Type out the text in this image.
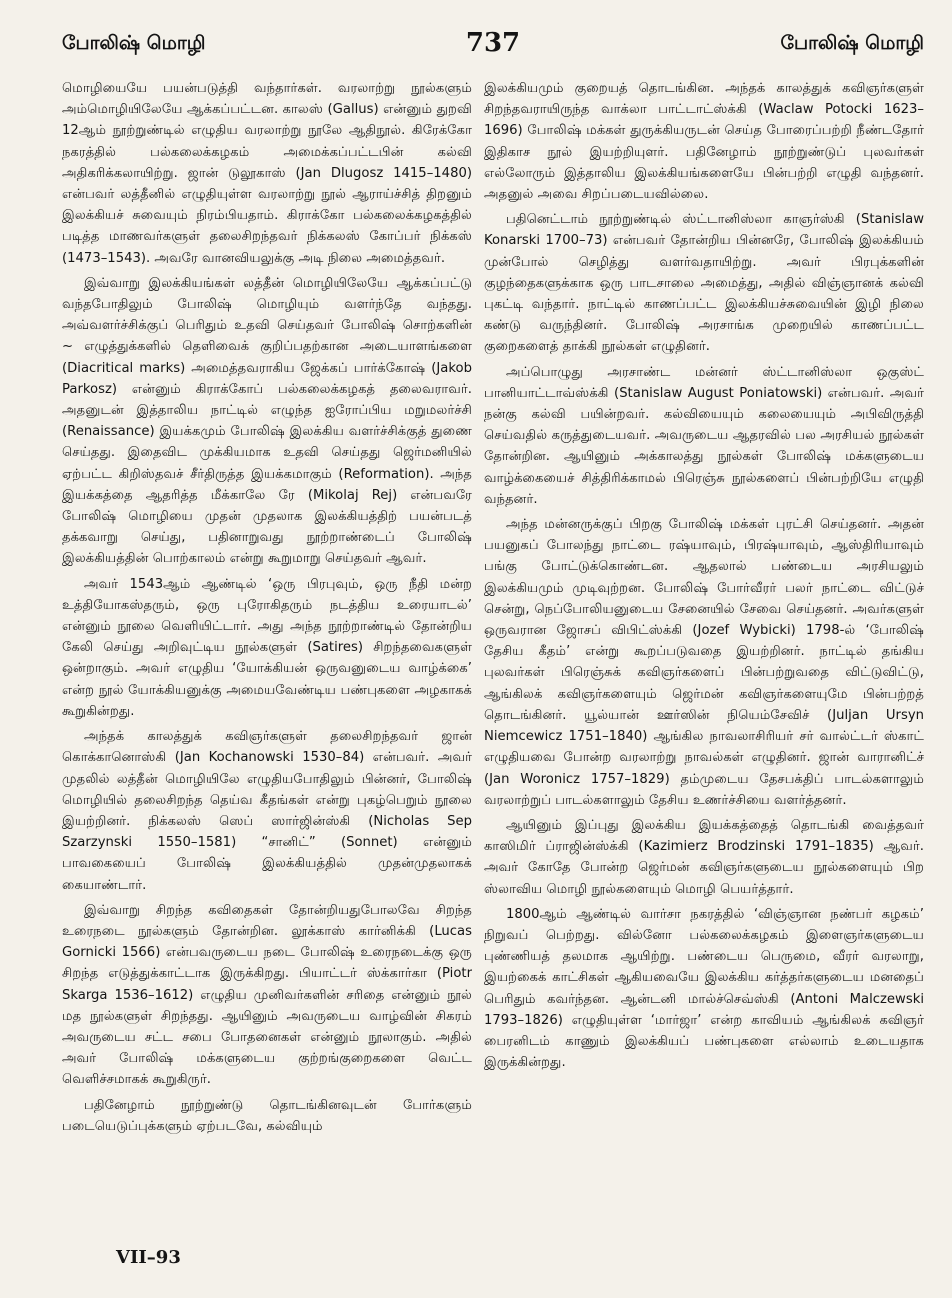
போலிஷ் மொழி	737	போலிஷ் மொழி

மொழியையே பயன்படுத்தி வந்தார்கள். வரலாற்று நூல்களும் அம்மொழியிலேயே ஆக்கப்பட்டன. காலஸ் (Gallus) என்னும் துறவி 12ஆம் நூற்றுண்டில் எழுதிய வரலாற்று நூலே ஆதிநூல். கிரேக்கோ நகரத்தில் பல்கலைக்கழகம் அமைக்கப்பட்டபின் கல்வி அதிகரிக்கலாயிற்று. ஜான் டுலூகாஸ் (Jan Dlugosz 1415–1480) என்பவர் லத்தீனில் எழுதியுள்ள வரலாற்று நூல் ஆராய்ச்சித் திறனும் இலக்கியச் சுவையும் நிரம்பியதாம். கிராக்கோ பல்கலைக்கழகத்தில் படித்த மாணவர்களுள் தலைசிறந்தவர் நிக்கலஸ் கோப்பர் நிக்கஸ் (1473–1543). அவரே வானவியலுக்கு அடி நிலை அமைத்தவர்.

இவ்வாறு இலக்கியங்கள் லத்தீன் மொழியிலேயே ஆக்கப்பட்டு வந்தபோதிலும் போலிஷ் மொழியும் வளர்ந்தே வந்தது. அவ்வளர்ச்சிக்குப் பெரிதும் உதவி செய்தவர் போலிஷ் சொற்களின் ~ எழுத்துக்களில் தெளிவைக் குறிப்பதற்கான அடையாளங்களை (Diacritical marks) அமைத்தவராகிய ஜேக்கப் பார்க்கோஷ் (Jakob Parkosz) என்னும் கிராக்கோப் பல்கலைக்கழகத் தலைவராவர். அதனுடன் இத்தாலிய நாட்டில் எழுந்த ஐரோப்பிய மறுமலர்ச்சி (Renaissance) இயக்கமும் போலிஷ் இலக்கிய வளர்ச்சிக்குத் துணை செய்தது. இதைவிட முக்கியமாக உதவி செய்தது ஜெர்மனியில் ஏற்பட்ட கிறிஸ்தவச் சீர்திருத்த இயக்கமாகும் (Reformation). அந்த இயக்கத்தை ஆதரித்த மீக்காலே ரே (Mikolaj Rej) என்பவரே போலிஷ் மொழியை முதன் முதலாக இலக்கியத்திற் பயன்படத் தக்கவாறு செய்து, பதினாறுவது நூற்றாண்டைப் போலிஷ் இலக்கியத்தின் பொற்காலம் என்று கூறுமாறு செய்தவர் ஆவர்.

அவர் 1543ஆம் ஆண்டில் ‘ஒரு பிரபுவும், ஒரு நீதி மன்ற உத்தியோகஸ்தரும், ஒரு புரோகிதரும் நடத்திய உரையாடல்’ என்னும் நூலை வெளியிட்டார். அது அந்த நூற்றாண்டில் தோன்றிய கேலி செய்து அறிவுட்டிய நூல்களுள் (Satires) சிறந்தவைகளுள் ஒன்றாகும். அவர் எழுதிய ‘யோக்கியன் ஒருவனுடைய வாழ்க்கை’ என்ற நூல் யோக்கியனுக்கு அமையவேண்டிய பண்புகளை அழகாகக் கூறுகின்றது.

அந்தக் காலத்துக் கவிஞர்களுள் தலைசிறந்தவர் ஜான் கொக்கானொஸ்கி (Jan Kochanowski 1530–84) என்பவர். அவர் முதலில் லத்தீன் மொழியிலே எழுதியபோதிலும் பின்னர், போலிஷ் மொழியில் தலைசிறந்த தெய்வ கீதங்கள் என்று புகழ்பெறும் நூலை இயற்றினர். நிக்கலஸ் ஸெப் ஸார்ஜின்ஸ்கி (Nicholas Sep Szarzynski 1550–1581) “சானிட்” (Sonnet) என்னும் பாவகையைப் போலிஷ் இலக்கியத்தில் முதன்முதலாகக் கையாண்டார்.

இவ்வாறு சிறந்த கவிதைகள் தோன்றியதுபோலவே சிறந்த உரைநடை நூல்களும் தோன்றின. லூக்காஸ் கார்னிக்கி (Lucas Gornicki 1566) என்பவருடைய நடை போலிஷ் உரைநடைக்கு ஒரு சிறந்த எடுத்துக்காட்டாக இருக்கிறது. பியாட்டர் ஸ்க்கார்கா (Piotr Skarga 1536–1612) எழுதிய முனிவர்களின் சரிதை என்னும் நூல் மத நூல்களுள் சிறந்தது. ஆயினும் அவருடைய வாழ்வின் சிகரம் அவருடைய சட்ட சபை போதனைகள் என்னும் நூலாகும். அதில் அவர் போலிஷ் மக்களுடைய குற்றங்குறைகளை வெட்ட வெளிச்சமாகக் கூறுகிருர்.

பதினேழாம் நூற்றுண்டு தொடங்கினவுடன் போர்களும் படையெடுப்புக்களும் ஏற்படவே, கல்வியும்

இலக்கியமும் குறையத் தொடங்கின. அந்தக் காலத்துக் கவிஞர்களுள் சிறந்தவராயிருந்த வாக்லா பாட்டாட்ஸ்க்கி (Waclaw Potocki 1623–1696) போலிஷ் மக்கள் துருக்கியருடன் செய்த போரைப்பற்றி நீண்டதோர் இதிகாச நூல் இயற்றியுளர். பதினேழாம் நூற்றுண்டுப் புலவர்கள் எல்லோரும் இத்தாலிய இலக்கியங்களையே பின்பற்றி எழுதி வந்தனர். அதனுல் அவை சிறப்படையவில்லை.

பதினெட்டாம் நூற்றுண்டில் ஸ்ட்டானிஸ்லா காஞர்ஸ்கி (Stanislaw Konarski 1700–73) என்பவர் தோன்றிய பின்னரே, போலிஷ் இலக்கியம் முன்போல் செழித்து வளர்வதாயிற்று. அவர் பிரபுக்களின் குழந்தைகளுக்காக ஒரு பாடசாலை அமைத்து, அதில் விஞ்ஞானக் கல்வி புகட்டி வந்தார். நாட்டில் காணப்பட்ட இலக்கியச்சுவையின் இழி நிலை கண்டு வருந்தினர். போலிஷ் அரசாங்க முறையில் காணப்பட்ட குறைகளைத் தாக்கி நூல்கள் எழுதினர்.

அப்பொழுது அரசாண்ட மன்னர் ஸ்ட்டானிஸ்லா ஒகுஸ்ட் பானியாட்டாவ்ஸ்க்கி (Stanislaw August Poniatowski) என்பவர். அவர் நன்கு கல்வி பயின்றவர். கல்வியையும் கலையையும் அபிவிருத்தி செய்வதில் கருத்துடையவர். அவருடைய ஆதரவில் பல அரசியல் நூல்கள் தோன்றின. ஆயினும் அக்காலத்து நூல்கள் போலிஷ் மக்களுடைய வாழ்க்கையைச் சித்திரிக்காமல் பிரெஞ்சு நூல்களைப் பின்பற்றியே எழுதி வந்தனர்.

அந்த மன்னருக்குப் பிறகு போலிஷ் மக்கள் புரட்சி செய்தனர். அதன் பயனுகப் போலந்து நாட்டை ரஷ்யாவும், பிரஷ்யாவும், ஆஸ்திரியாவும் பங்கு போட்டுக்கொண்டன. ஆதலால் பண்டைய அரசியலும் இலக்கியமும் முடிவுற்றன. போலிஷ் போர்வீரர் பலர் நாட்டை விட்டுச் சென்று, நெப்போலியனுடைய சேனையில் சேவை செய்தனர். அவர்களுள் ஒருவரான ஜோசப் விபிட்ஸ்க்கி (Jozef Wybicki) 1798-ல் ‘போலிஷ் தேசிய கீதம்’ என்று கூறப்படுவதை இயற்றினர். நாட்டில் தங்கிய புலவர்கள் பிரெஞ்சுக் கவிஞர்களைப் பின்பற்றுவதை விட்டுவிட்டு, ஆங்கிலக் கவிஞர்களையும் ஜெர்மன் கவிஞர்களையுமே பின்பற்றத் தொடங்கினர். யூல்யான் ஊர்ஸின் நியெம்சேவிச் (Juljan Ursyn Niemcewicz 1751–1840) ஆங்கில நாவலாசிரியர் சர் வால்ட்டர் ஸ்காட் எழுதியவை போன்ற வரலாற்று நாவல்கள் எழுதினர். ஜான் வாரானிட்ச் (Jan Woronicz 1757–1829) தம்முடைய தேசபக்திப் பாடல்களாலும் வரலாற்றுப் பாடல்களாலும் தேசிய உணர்ச்சியை வளர்த்தனர்.

ஆயினும் இப்புது இலக்கிய இயக்கத்தைத் தொடங்கி வைத்தவர் காஸிமிர் ப்ராஜின்ஸ்க்கி (Kazimierz Brodzinski 1791–1835) ஆவர். அவர் கோதே போன்ற ஜெர்மன் கவிஞர்களுடைய நூல்களையும் பிற ஸ்லாவிய மொழி நூல்களையும் மொழி பெயர்த்தார்.

1800ஆம் ஆண்டில் வார்சா நகரத்தில் ‘விஞ்ஞான நண்பர் கழகம்’ நிறுவப் பெற்றது. வில்னோ பல்கலைக்கழகம் இளைஞர்களுடைய புண்ணியத் தலமாக ஆயிற்று. பண்டைய பெருமை, வீரர் வரலாறு, இயற்கைக் காட்சிகள் ஆகியவையே இலக்கிய கர்த்தர்களுடைய மனதைப் பெரிதும் கவர்ந்தன. ஆன்டனி மால்ச்செவ்ஸ்கி (Antoni Malczewski 1793–1826) எழுதியுள்ள ‘மார்ஜா’ என்ற காவியம் ஆங்கிலக் கவிஞர் பைரனிடம் காணும் இலக்கியப் பண்புகளை எல்லாம் உடையதாக இருக்கின்றது.

VII–93
